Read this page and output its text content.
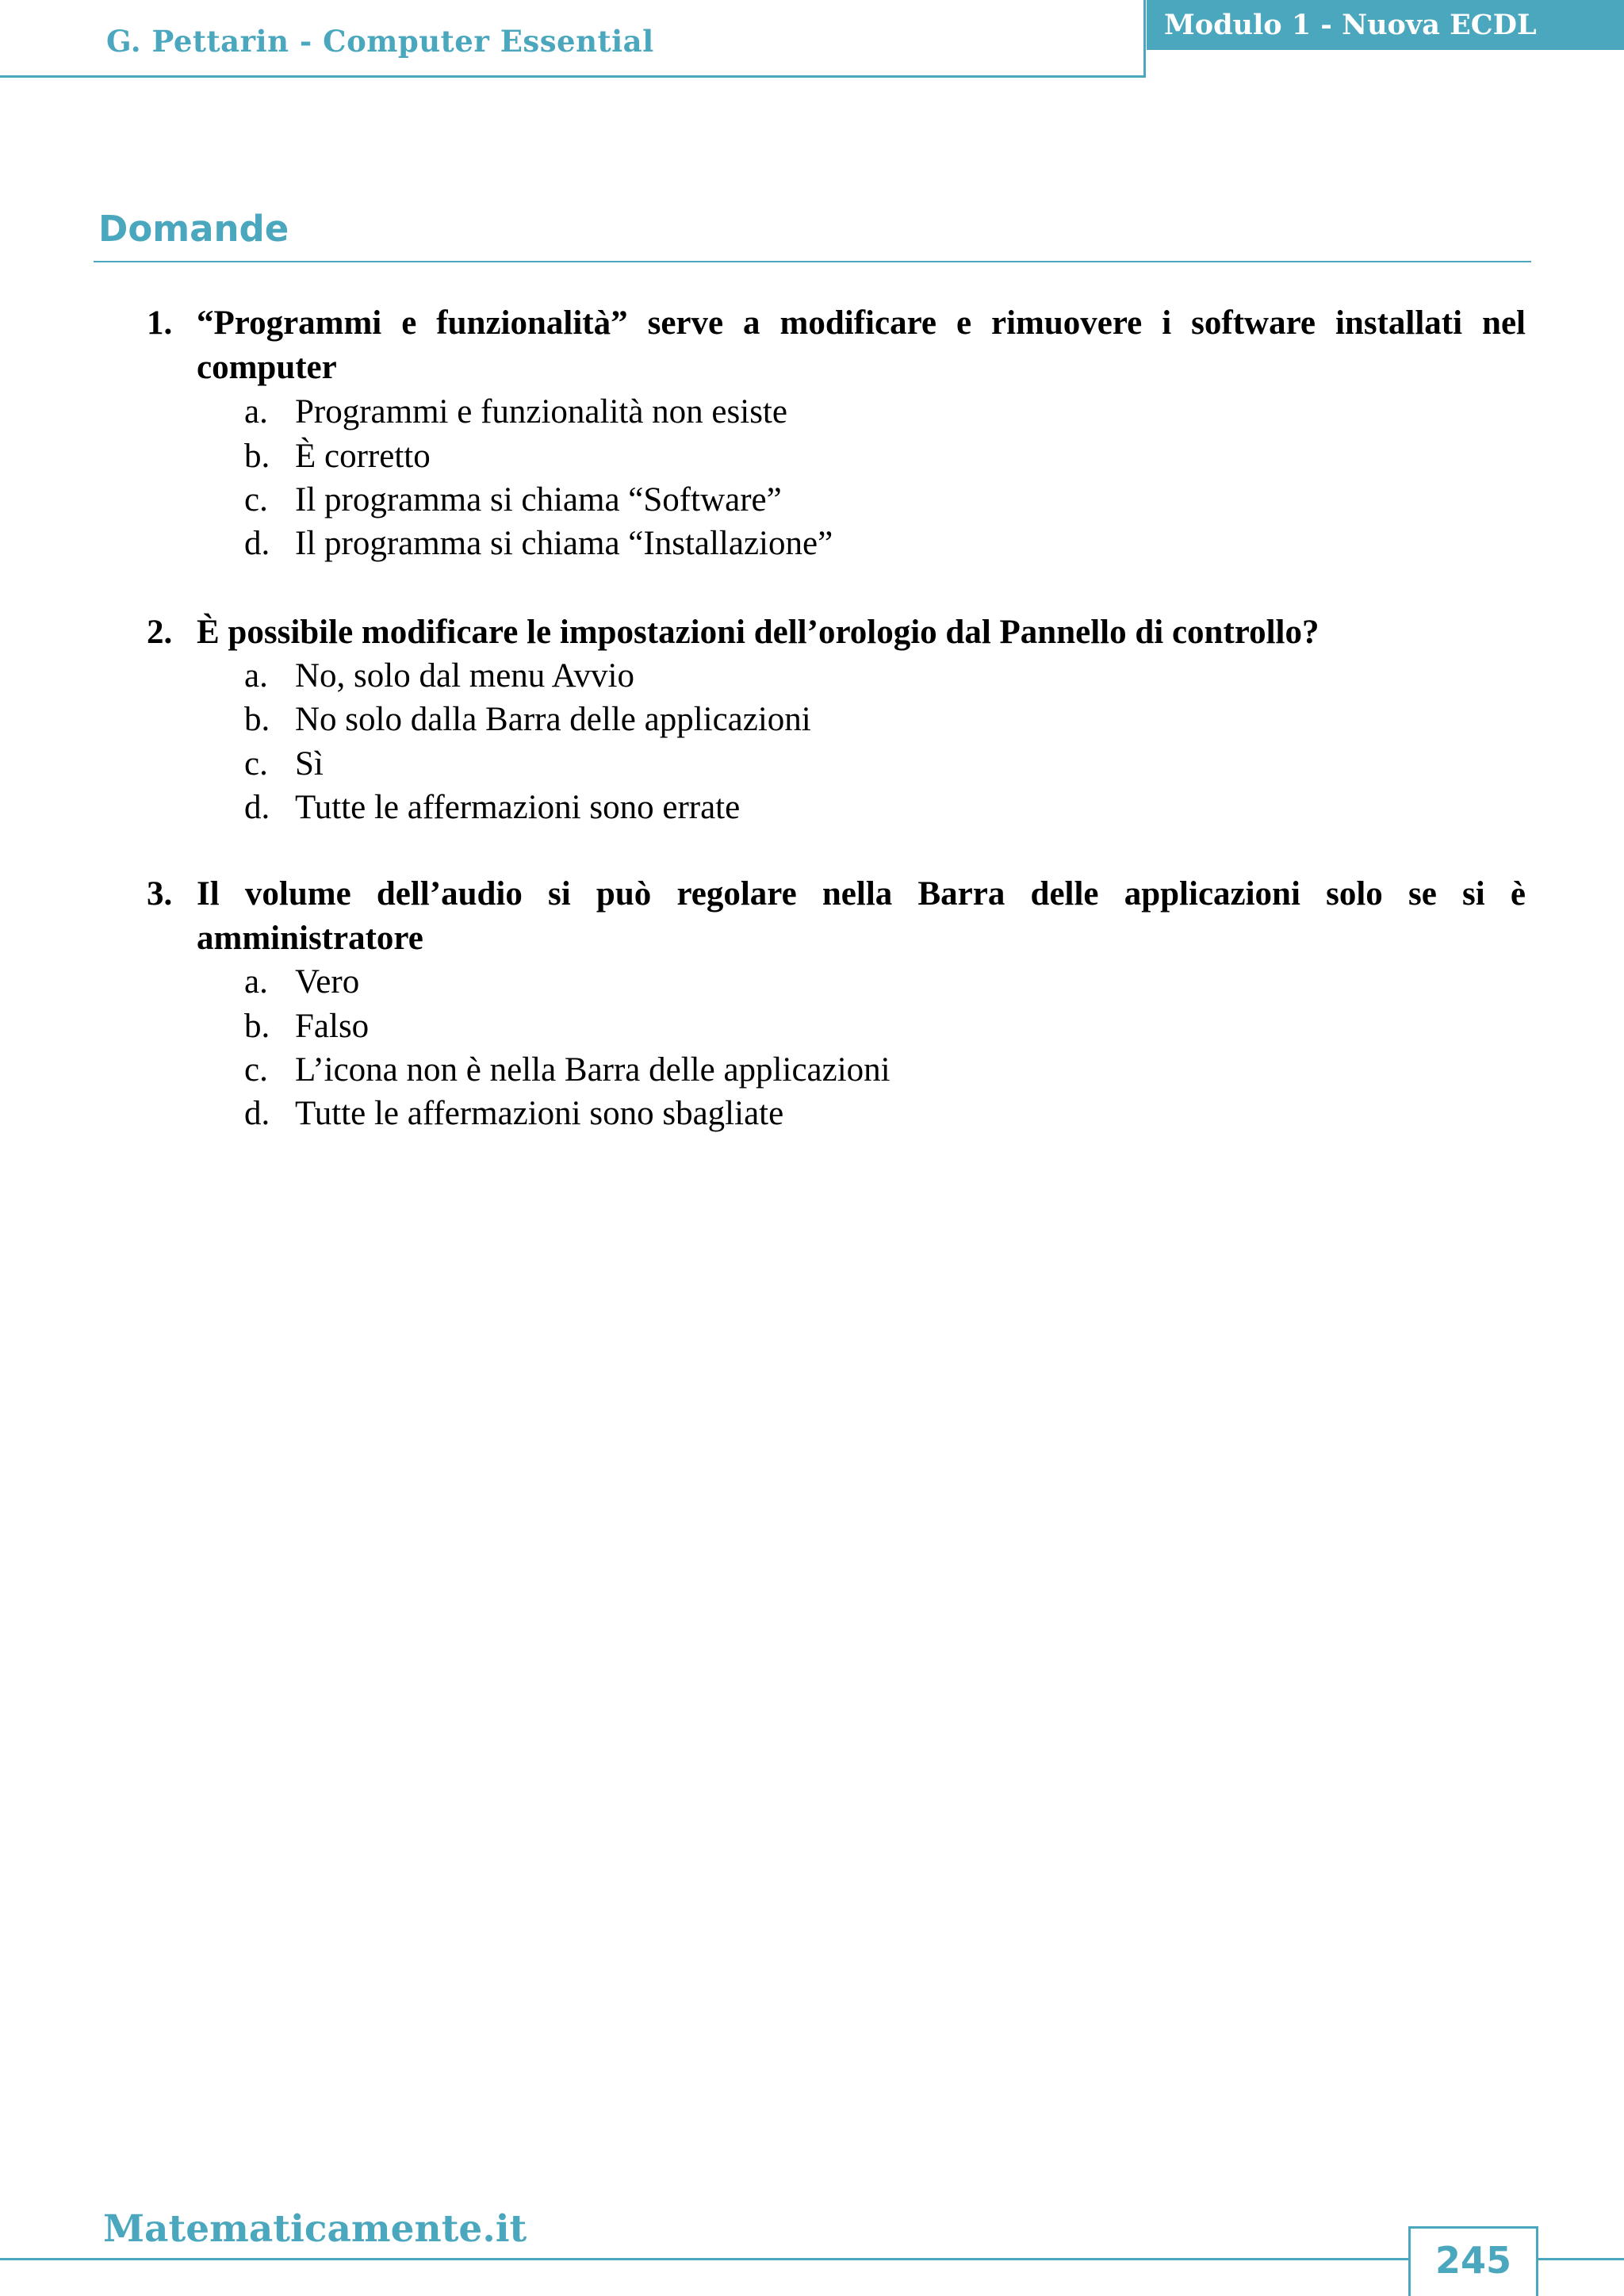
G. Pettarin - Computer Essential	Modulo 1 - Nuova ECDL
Domande
1. “Programmi e funzionalità” serve a modificare e rimuovere i software installati nel computer
a. Programmi e funzionalità non esiste
b. È corretto
c. Il programma si chiama “Software”
d. Il programma si chiama “Installazione”
2. È possibile modificare le impostazioni dell’orologio dal Pannello di controllo?
a. No, solo dal menu Avvio
b. No solo dalla Barra delle applicazioni
c. Sì
d. Tutte le affermazioni sono errate
3. Il volume dell’audio si può regolare nella Barra delle applicazioni solo se si è amministratore
a. Vero
b. Falso
c. L’icona non è nella Barra delle applicazioni
d. Tutte le affermazioni sono sbagliate
Matematicamente.it
245
